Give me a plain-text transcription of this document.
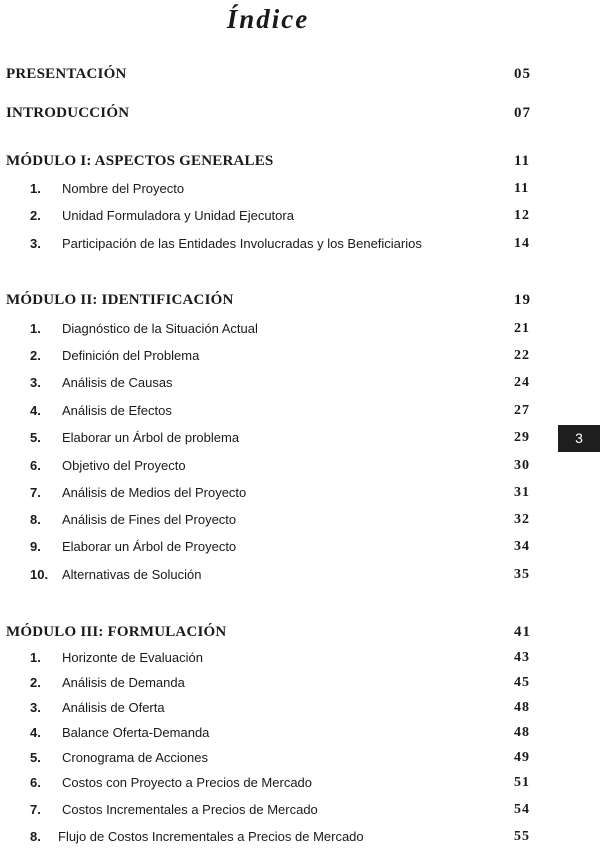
Índice
PRESENTACIÓN	05
INTRODUCCIÓN	07
MÓDULO I: ASPECTOS GENERALES	11
1. Nombre del Proyecto	11
2. Unidad Formuladora y Unidad Ejecutora	12
3. Participación de las Entidades Involucradas y los Beneficiarios	14
MÓDULO II: IDENTIFICACIÓN	19
1. Diagnóstico de la Situación Actual	21
2. Definición del Problema	22
3. Análisis de Causas	24
4. Análisis de Efectos	27
5. Elaborar un Árbol de problema	29
6. Objetivo del Proyecto	30
7. Análisis de Medios del Proyecto	31
8. Análisis de Fines del Proyecto	32
9. Elaborar un Árbol de Proyecto	34
10. Alternativas de Solución	35
MÓDULO III: FORMULACIÓN	41
1. Horizonte de Evaluación	43
2. Análisis de Demanda	45
3. Análisis de Oferta	48
4. Balance Oferta-Demanda	48
5. Cronograma de Acciones	49
6. Costos con Proyecto a Precios de Mercado	51
7. Costos Incrementales a Precios de Mercado	54
8. Flujo de Costos Incrementales a Precios de Mercado	55
3
